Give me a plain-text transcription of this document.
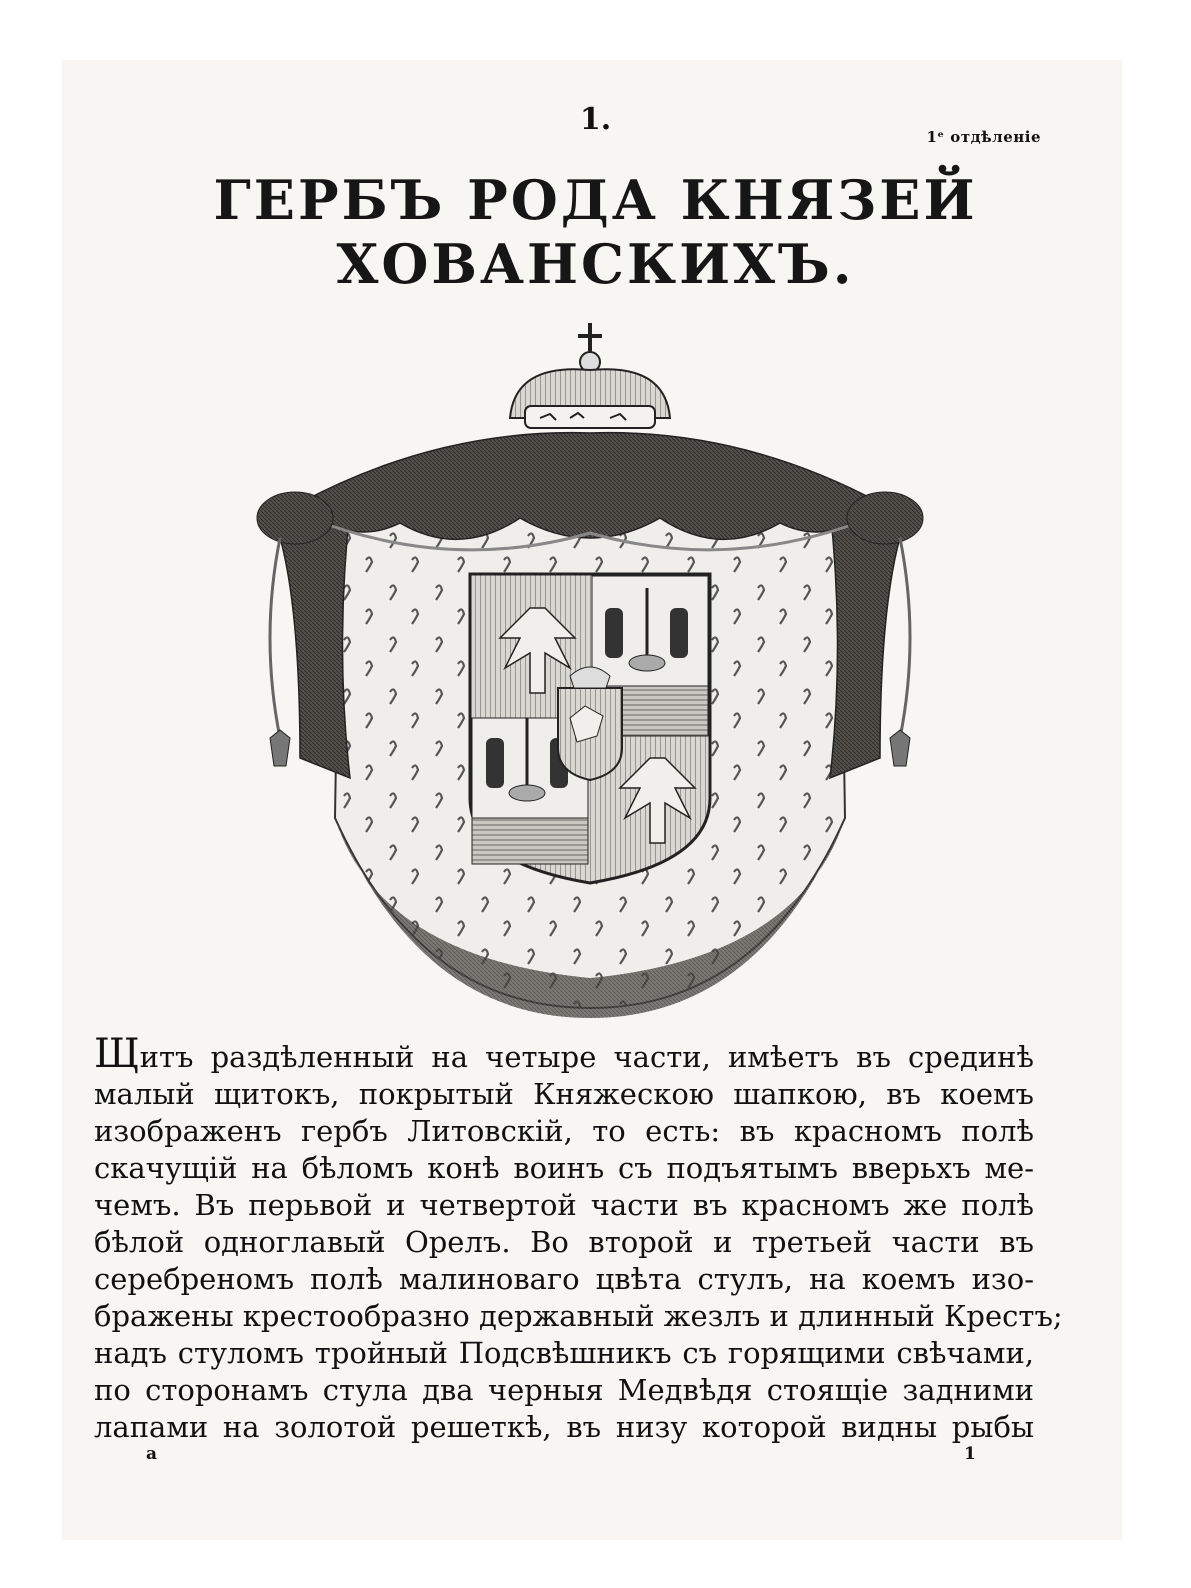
1.	1ᵉ отдѣленіе
ГЕРБЪ РОДА КНЯЗЕЙ ХОВАНСКИХЪ.
Щитъ раздѣленный на четыре части, имѣетъ въ срединѣ
малый щитокъ, покрытый Княжескою шапкою, въ коемъ
изображенъ гербъ Литовскій, то есть: въ красномъ полѣ
скачущій на бѣломъ конѣ воинъ съ подъятымъ вверьхъ ме-
чемъ. Въ перьвой и четвертой части въ красномъ же полѣ
бѣлой одноглавый Орелъ. Во второй и третьей части въ
серебреномъ полѣ малиноваго цвѣта стулъ, на коемъ изо-
бражены крестообразно державный жезлъ и длинный Крестъ;
надъ стуломъ тройный Подсвѣшникъ съ горящими свѣчами,
по сторонамъ стула два черныя Медвѣдя стоящіе задними
лапами на золотой решеткѣ, въ низу которой видны рыбы
a	1
